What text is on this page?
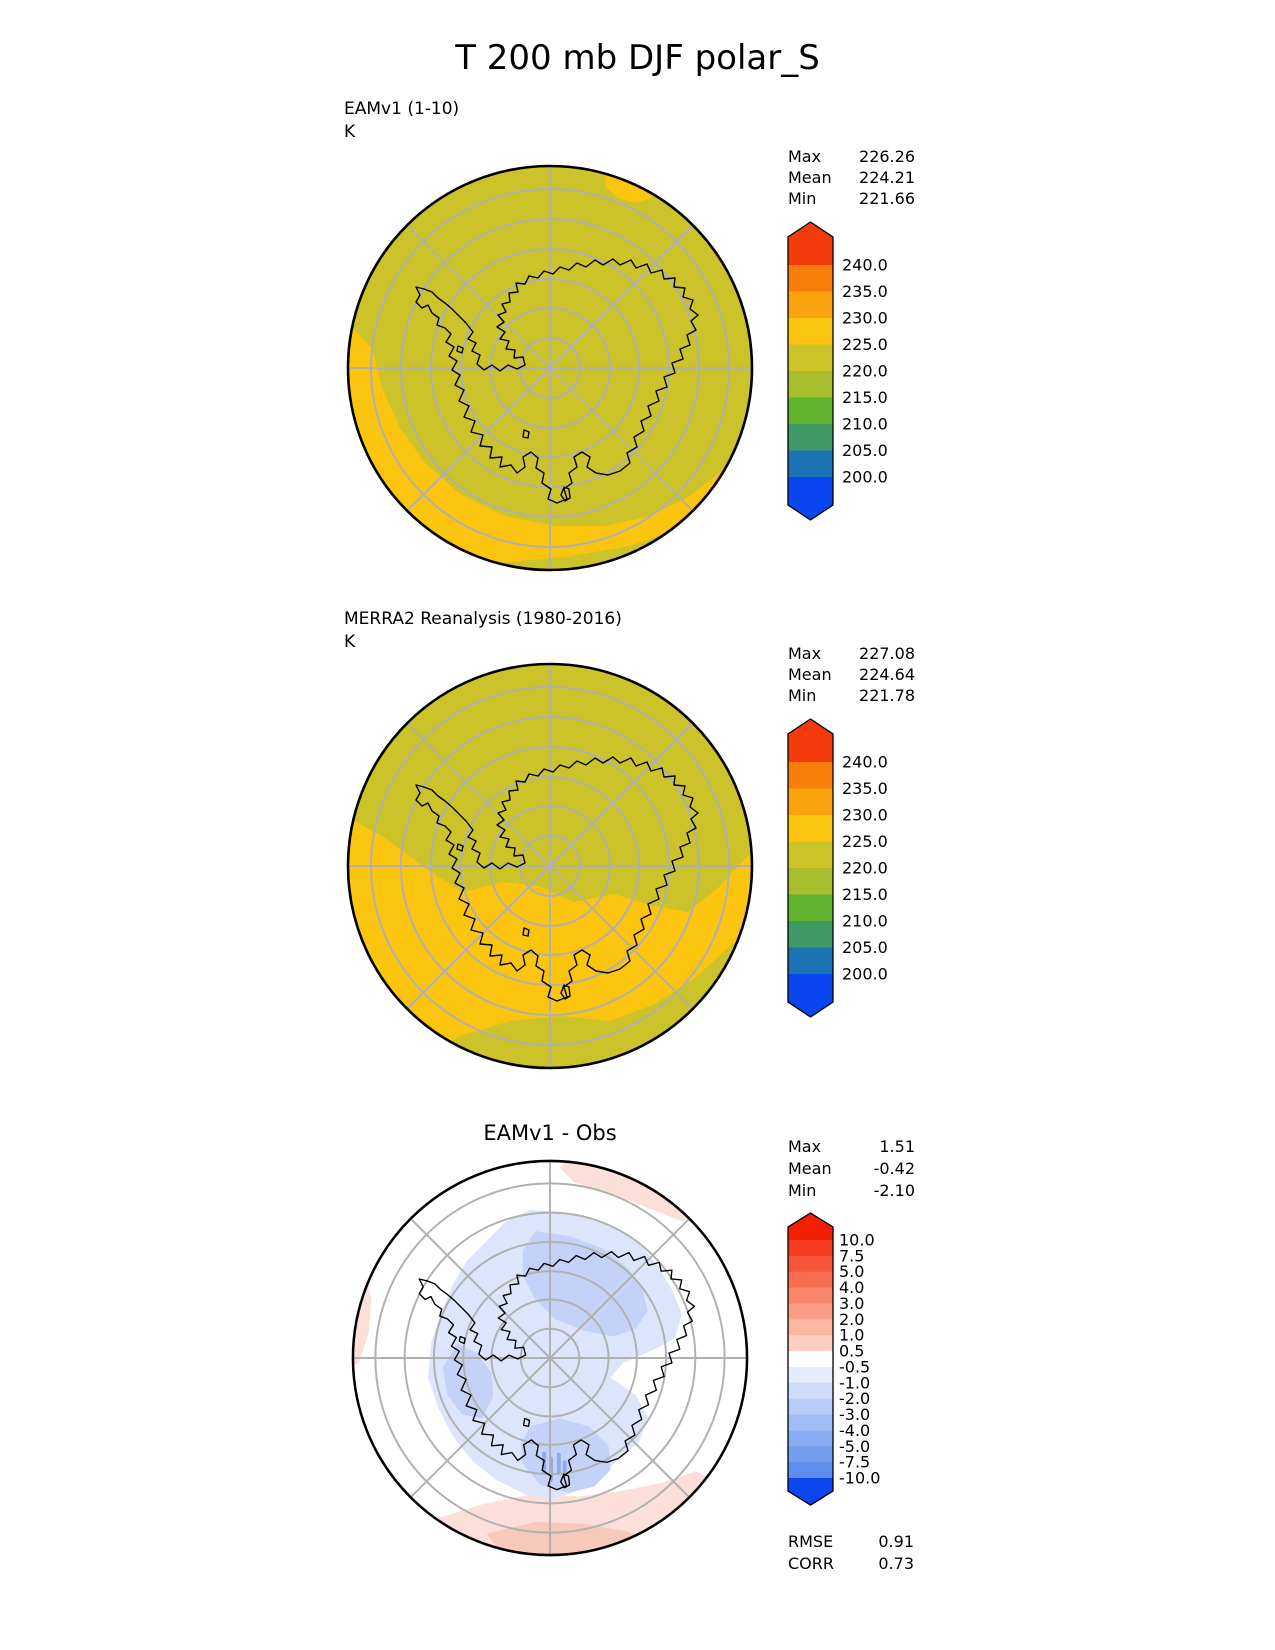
T 200 mb DJF polar_S
EAMv1 (1-10)
K
Max 226.26
Mean 224.21
Min	221.66
240.0
235.0
230.0
225.0
220.0
215.0
210.0
205.0
200.0
MERRA2 Reanalysis (1980-2016)
K
Max 227.08
Mean 224.64
Min	221.78
240.0
235.0
230.0
225.0
220.0
215.0
210.0
205.0
200.0
EAMv1 - Obs
Max	1.51
Mean	-0.42
Min	-2.10
10.0
7.5
5.0
4.0
3.0
2.0
1.0
0.5
-0.5
-1.0
-2.0
-3.0
-4.0
-5.0
-7.5
-10.0
RMSE	0.91
CORR	0.73
